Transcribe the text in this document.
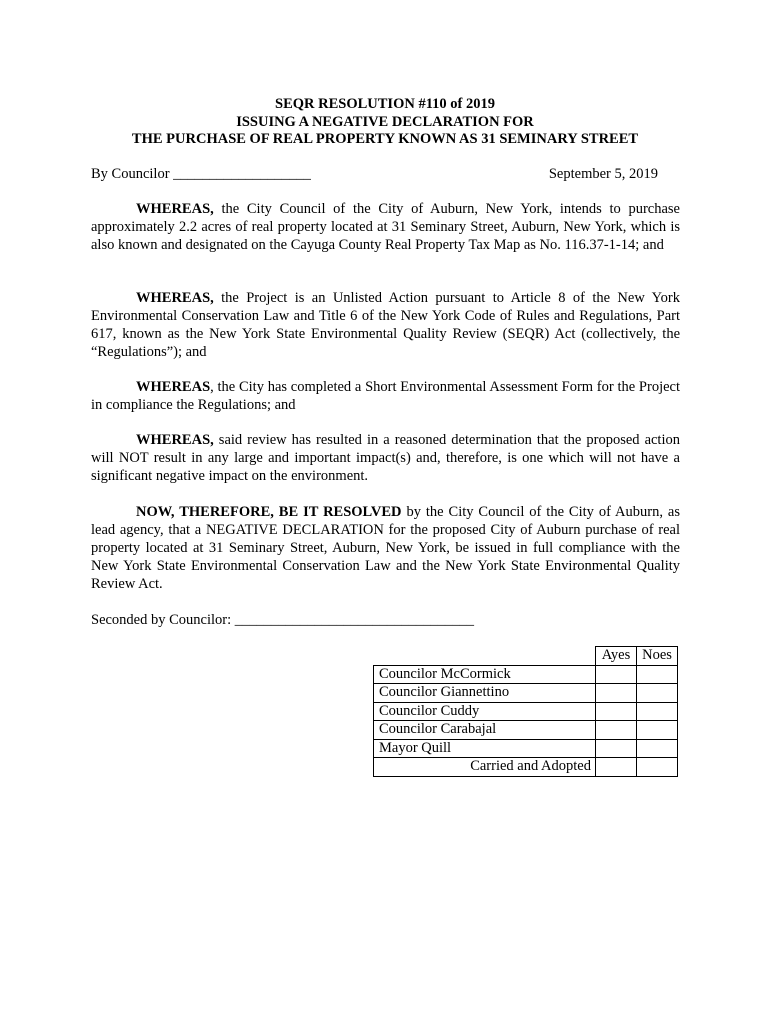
SEQR RESOLUTION #110 of 2019
ISSUING A NEGATIVE DECLARATION FOR
THE PURCHASE OF REAL PROPERTY KNOWN AS 31 SEMINARY STREET
By Councilor ___________________	September 5, 2019

WHEREAS, the City Council of the City of Auburn, New York, intends to purchase approximately 2.2 acres of real property located at 31 Seminary Street, Auburn, New York, which is also known and designated on the Cayuga County Real Property Tax Map as No. 116.37-1-14; and

WHEREAS, the Project is an Unlisted Action pursuant to Article 8 of the New York Environmental Conservation Law and Title 6 of the New York Code of Rules and Regulations, Part 617, known as the New York State Environmental Quality Review (SEQR) Act (collectively, the “Regulations”); and

WHEREAS, the City has completed a Short Environmental Assessment Form for the Project in compliance the Regulations; and

WHEREAS, said review has resulted in a reasoned determination that the proposed action will NOT result in any large and important impact(s) and, therefore, is one which will not have a significant negative impact on the environment.

NOW, THEREFORE, BE IT RESOLVED by the City Council of the City of Auburn, as lead agency, that a NEGATIVE DECLARATION for the proposed City of Auburn purchase of real property located at 31 Seminary Street, Auburn, New York, be issued in full compliance with the New York State Environmental Conservation Law and the New York State Environmental Quality Review Act.

Seconded by Councilor: _________________________________
	Ayes	Noes
Councilor McCormick		
Councilor Giannettino		
Councilor Cuddy		
Councilor Carabajal		
Mayor Quill		
Carried and Adopted		
